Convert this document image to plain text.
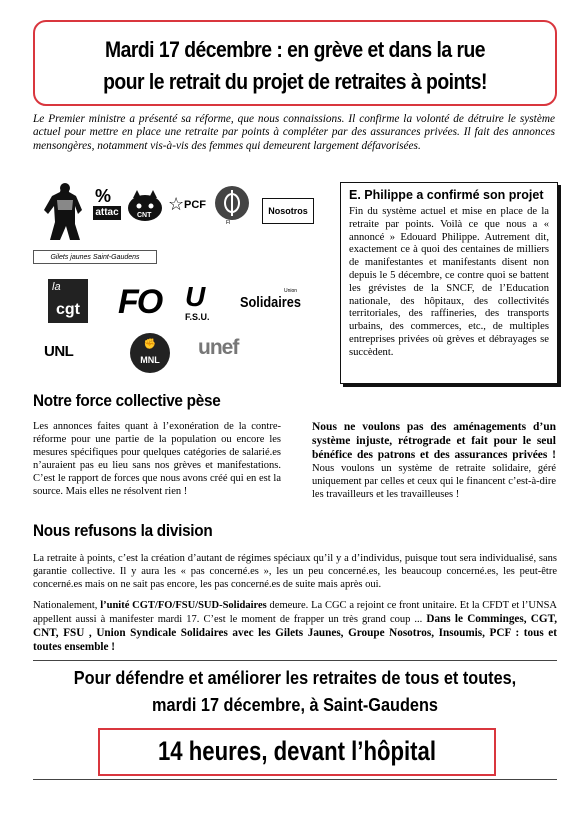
Mardi 17 décembre : en grève et dans la rue
pour le retrait du projet de retraites à points!
Le Premier ministre a présenté sa réforme, que nous connaissions. Il confirme la volonté de détruire le système actuel pour mettre en place une retraite par points à compléter par des assurances privées. Il fait des annonces mensongères, notamment vis-à-vis des femmes qui demeurent largement défavorisées.
Gilets jaunes Saint-Gaudens
%
attac	CNT
☆ PCF
FI
Nosotros
la
cgt FO U
F.S.U.
Union
Solidaires
UNL	✊
MNL
unef
E. Philippe a confirmé son projet
Fin du système actuel et mise en place de la retraite par points. Voilà ce que nous a « annoncé » Edouard Philippe. Autrement dit, exactement ce à quoi des centaines de milliers de manifestantes et manifestants disent non depuis le 5 décembre, ce contre quoi se battent les grévistes de la SNCF, de l’Education nationale, des hôpitaux, des collectivités territoriales, des raffineries, des transports urbains, des commerces, etc., de multiples entreprises privées où grèves et débrayages se succèdent.
Notre force collective pèse
Les annonces faites quant à l’exonération de la contre-réforme pour une partie de la population ou encore les mesures spécifiques pour quelques catégories de salarié.es n’auraient pas eu lieu sans nos grèves et manifestations. C’est le rapport de forces que nous avons créé qui en est la source. Mais elles ne résolvent rien !
Nous ne voulons pas des aménagements d’un système injuste, rétrograde et fait pour le seul bénéfice des patrons et des assurances privées ! Nous voulons un système de retraite solidaire, géré uniquement par celles et ceux qui le financent c’est-à-dire les travailleurs et les travailleuses !
Nous refusons la division
La retraite à points, c’est la création d’autant de régimes spéciaux qu’il y a d’individus, puisque tout sera individualisé, sans garantie collective. Il y aura les « pas concerné.es », les un peu concerné.es, les beaucoup concerné.es, les peut-être concerné.es mais on ne sait pas encore, les pas concerné.es de suite mais après oui.
Nationalement, l’unité CGT/FO/FSU/SUD-Solidaires demeure. La CGC a rejoint ce front unitaire. Et la CFDT et l’UNSA appellent aussi à manifester mardi 17. C’est le moment de frapper un très grand coup ... Dans le Comminges, CGT, CNT, FSU , Union Syndicale Solidaires avec les Gilets Jaunes, Groupe Nosotros, Insoumis, PCF : tous et toutes ensemble !
Pour défendre et améliorer les retraites de tous et toutes,
mardi 17 décembre, à Saint-Gaudens
14 heures, devant l’hôpital
